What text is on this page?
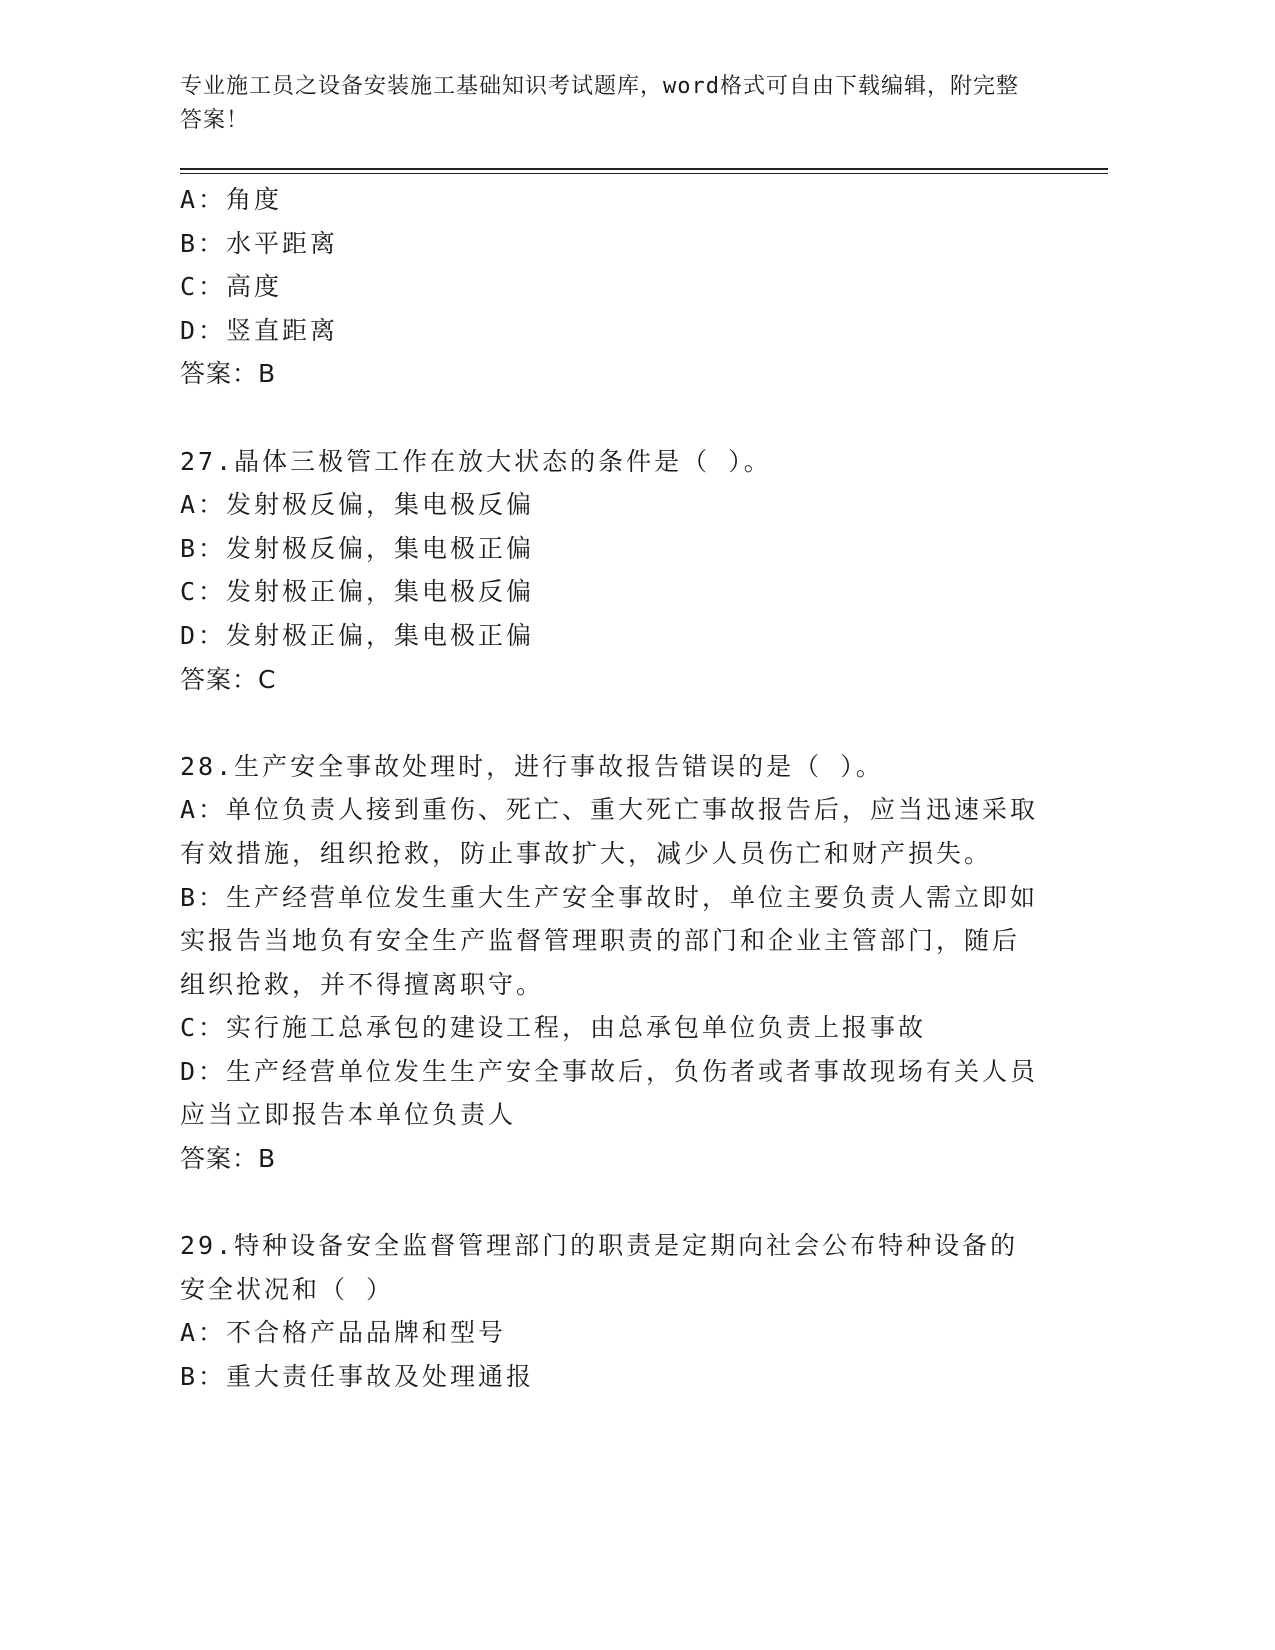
专业施工员之设备安装施工基础知识考试题库，word格式可自由下载编辑，附完整答案！
A：角度
B：水平距离
C：高度
D：竖直距离
答案：B
27.晶体三极管工作在放大状态的条件是（ ）。
A：发射极反偏，集电极反偏
B：发射极反偏，集电极正偏
C：发射极正偏，集电极反偏
D：发射极正偏，集电极正偏
答案：C
28.生产安全事故处理时，进行事故报告错误的是（ ）。
A：单位负责人接到重伤、死亡、重大死亡事故报告后，应当迅速采取有效措施，组织抢救，防止事故扩大，减少人员伤亡和财产损失。
B：生产经营单位发生重大生产安全事故时，单位主要负责人需立即如实报告当地负有安全生产监督管理职责的部门和企业主管部门，随后组织抢救，并不得擅离职守。
C：实行施工总承包的建设工程，由总承包单位负责上报事故
D：生产经营单位发生生产安全事故后，负伤者或者事故现场有关人员应当立即报告本单位负责人
答案：B
29.特种设备安全监督管理部门的职责是定期向社会公布特种设备的安全状况和（ ）
A：不合格产品品牌和型号
B：重大责任事故及处理通报
